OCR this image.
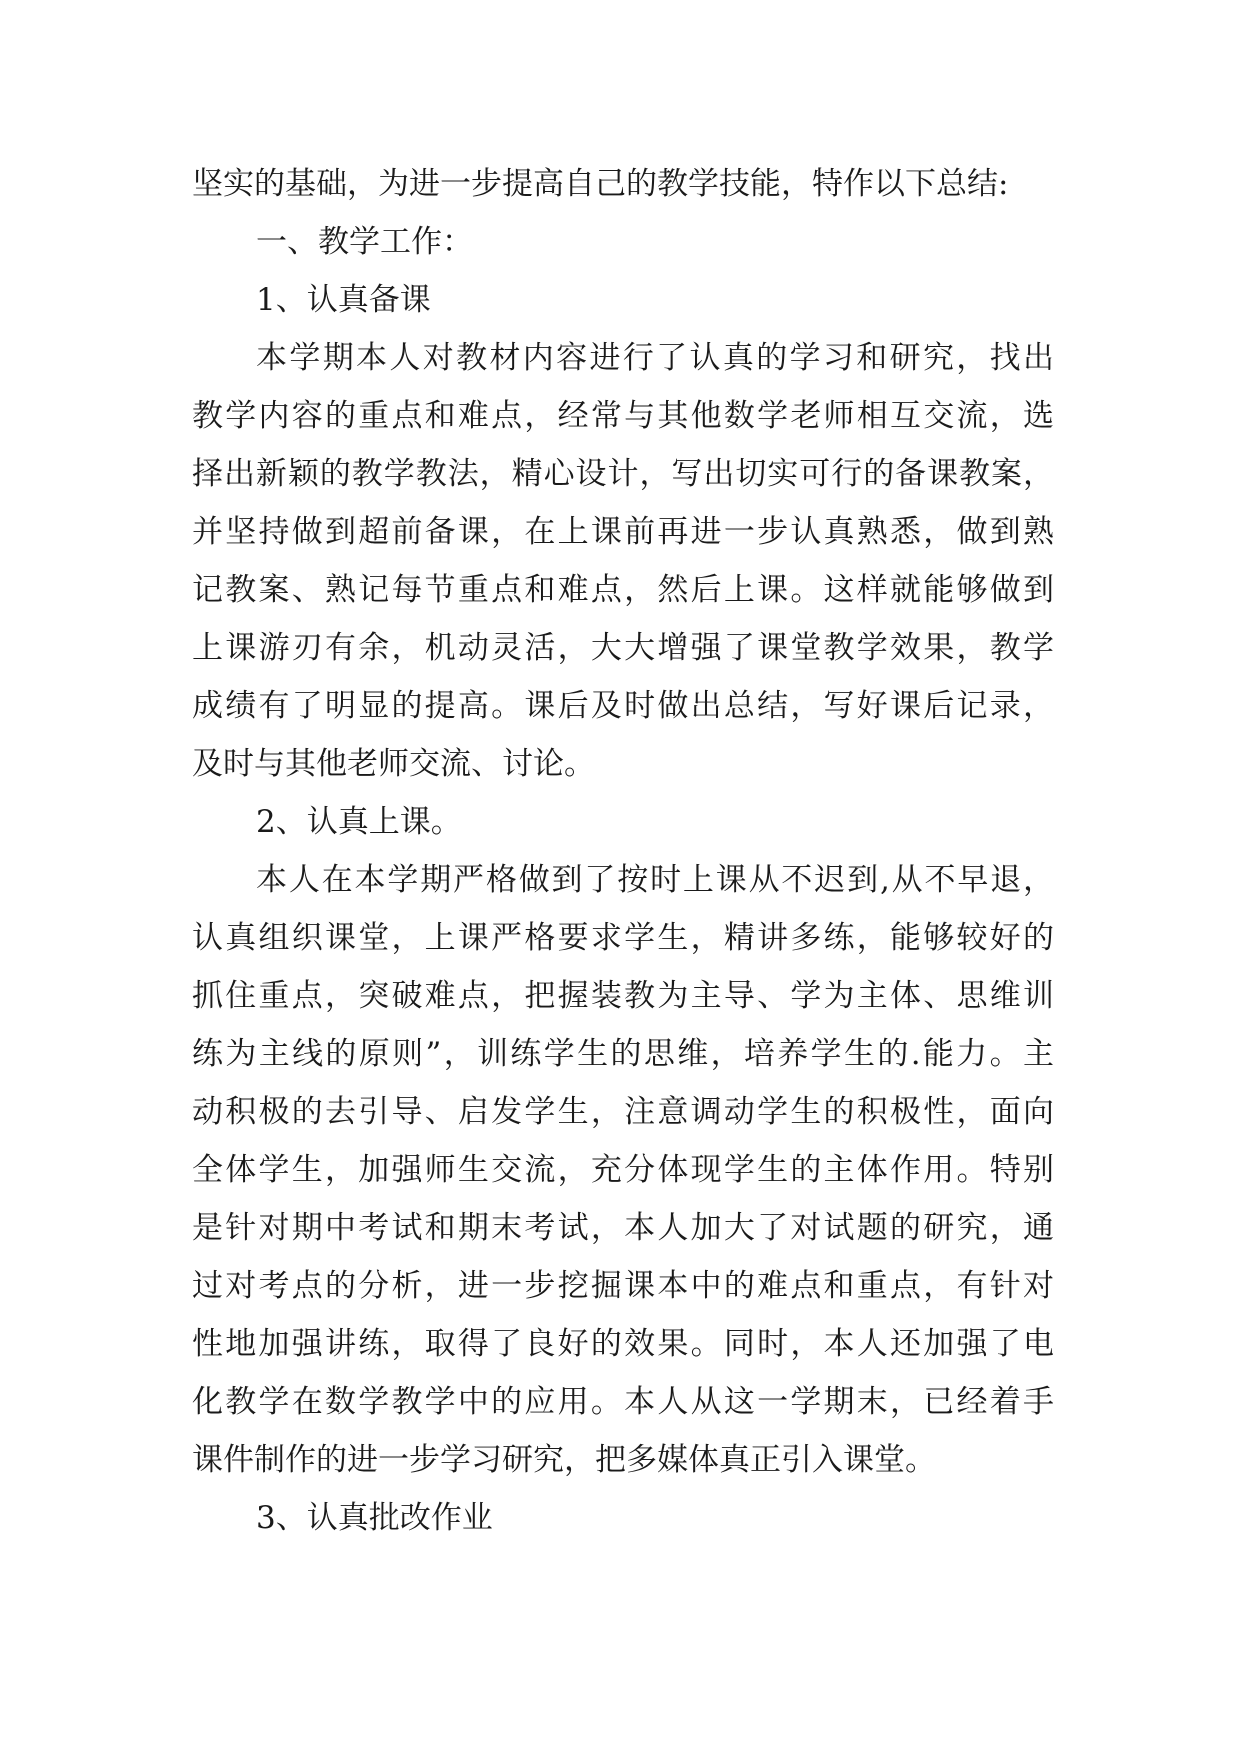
坚实的基础，为进一步提高自己的教学技能，特作以下总结:
一、教学工作：
1、认真备课
本学期本人对教材内容进行了认真的学习和研究，找出
教学内容的重点和难点，经常与其他数学老师相互交流，选
择出新颖的教学教法，精心设计，写出切实可行的备课教案，
并坚持做到超前备课，在上课前再进一步认真熟悉，做到熟
记教案、熟记每节重点和难点，然后上课。这样就能够做到
上课游刃有余，机动灵活，大大增强了课堂教学效果，教学
成绩有了明显的提高。课后及时做出总结，写好课后记录，
及时与其他老师交流、讨论。
2、认真上课。
本人在本学期严格做到了按时上课从不迟到,从不早退，
认真组织课堂，上课严格要求学生，精讲多练，能够较好的
抓住重点，突破难点，把握装教为主导、学为主体、思维训
练为主线的原则”，训练学生的思维，培养学生的.能力。主
动积极的去引导、启发学生，注意调动学生的积极性，面向
全体学生，加强师生交流，充分体现学生的主体作用。特别
是针对期中考试和期末考试，本人加大了对试题的研究，通
过对考点的分析，进一步挖掘课本中的难点和重点，有针对
性地加强讲练，取得了良好的效果。同时，本人还加强了电
化教学在数学教学中的应用。本人从这一学期末，已经着手
课件制作的进一步学习研究，把多媒体真正引入课堂。
3、认真批改作业
